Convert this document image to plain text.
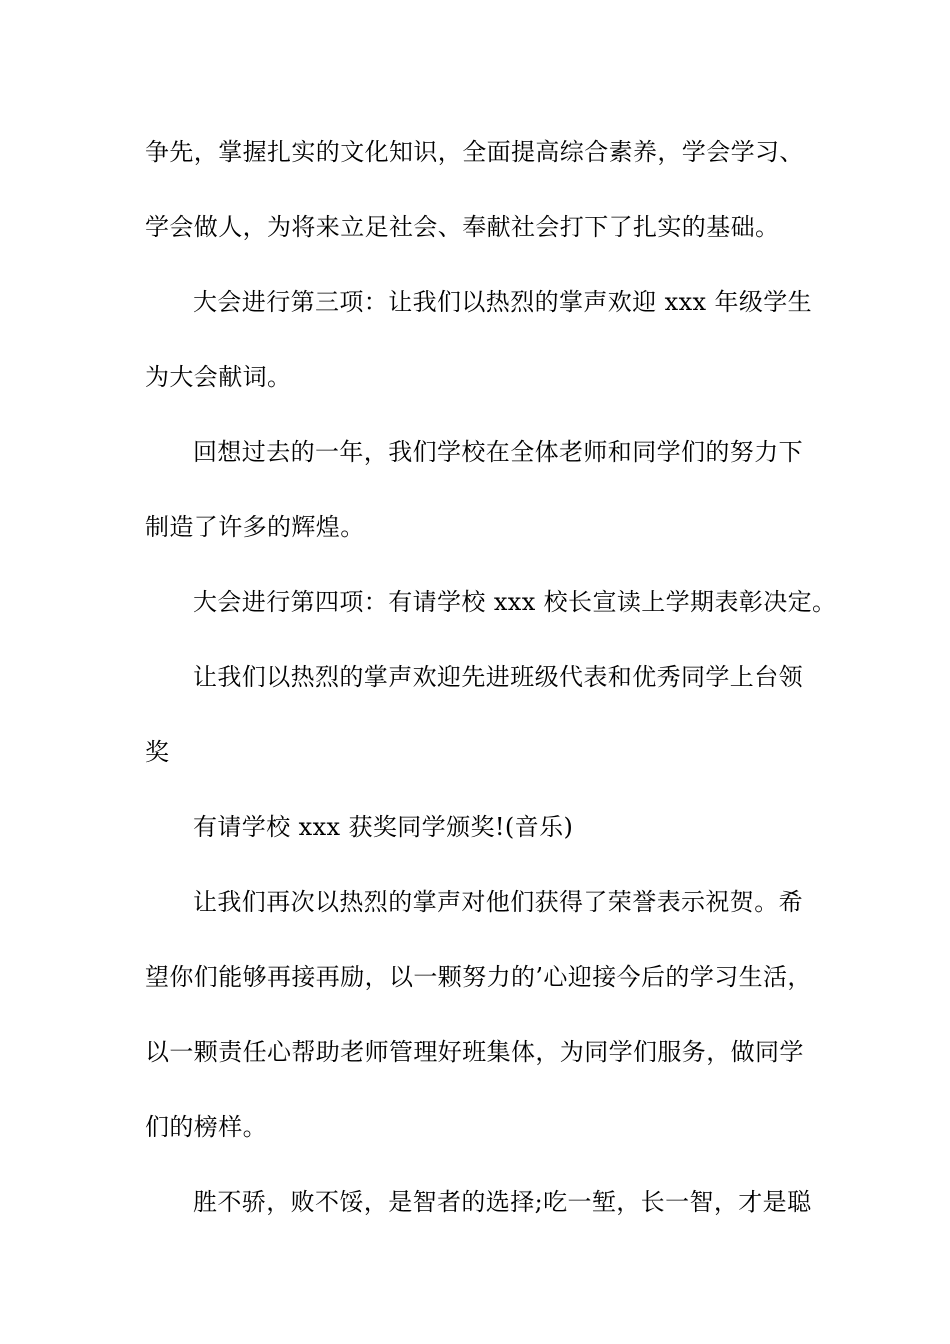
争先，掌握扎实的文化知识，全面提高综合素养，学会学习、
学会做人，为将来立足社会、奉献社会打下了扎实的基础。
大会进行第三项：让我们以热烈的掌声欢迎 xxx 年级学生
为大会献词。
回想过去的一年，我们学校在全体老师和同学们的努力下
制造了许多的辉煌。
大会进行第四项：有请学校 xxx 校长宣读上学期表彰决定。
让我们以热烈的掌声欢迎先进班级代表和优秀同学上台领
奖
有请学校 xxx 获奖同学颁奖!(音乐)
让我们再次以热烈的掌声对他们获得了荣誉表示祝贺。希
望你们能够再接再励，以一颗努力的’心迎接今后的学习生活，
以一颗责任心帮助老师管理好班集体，为同学们服务，做同学
们的榜样。
胜不骄，败不馁，是智者的选择;吃一堑，长一智，才是聪
